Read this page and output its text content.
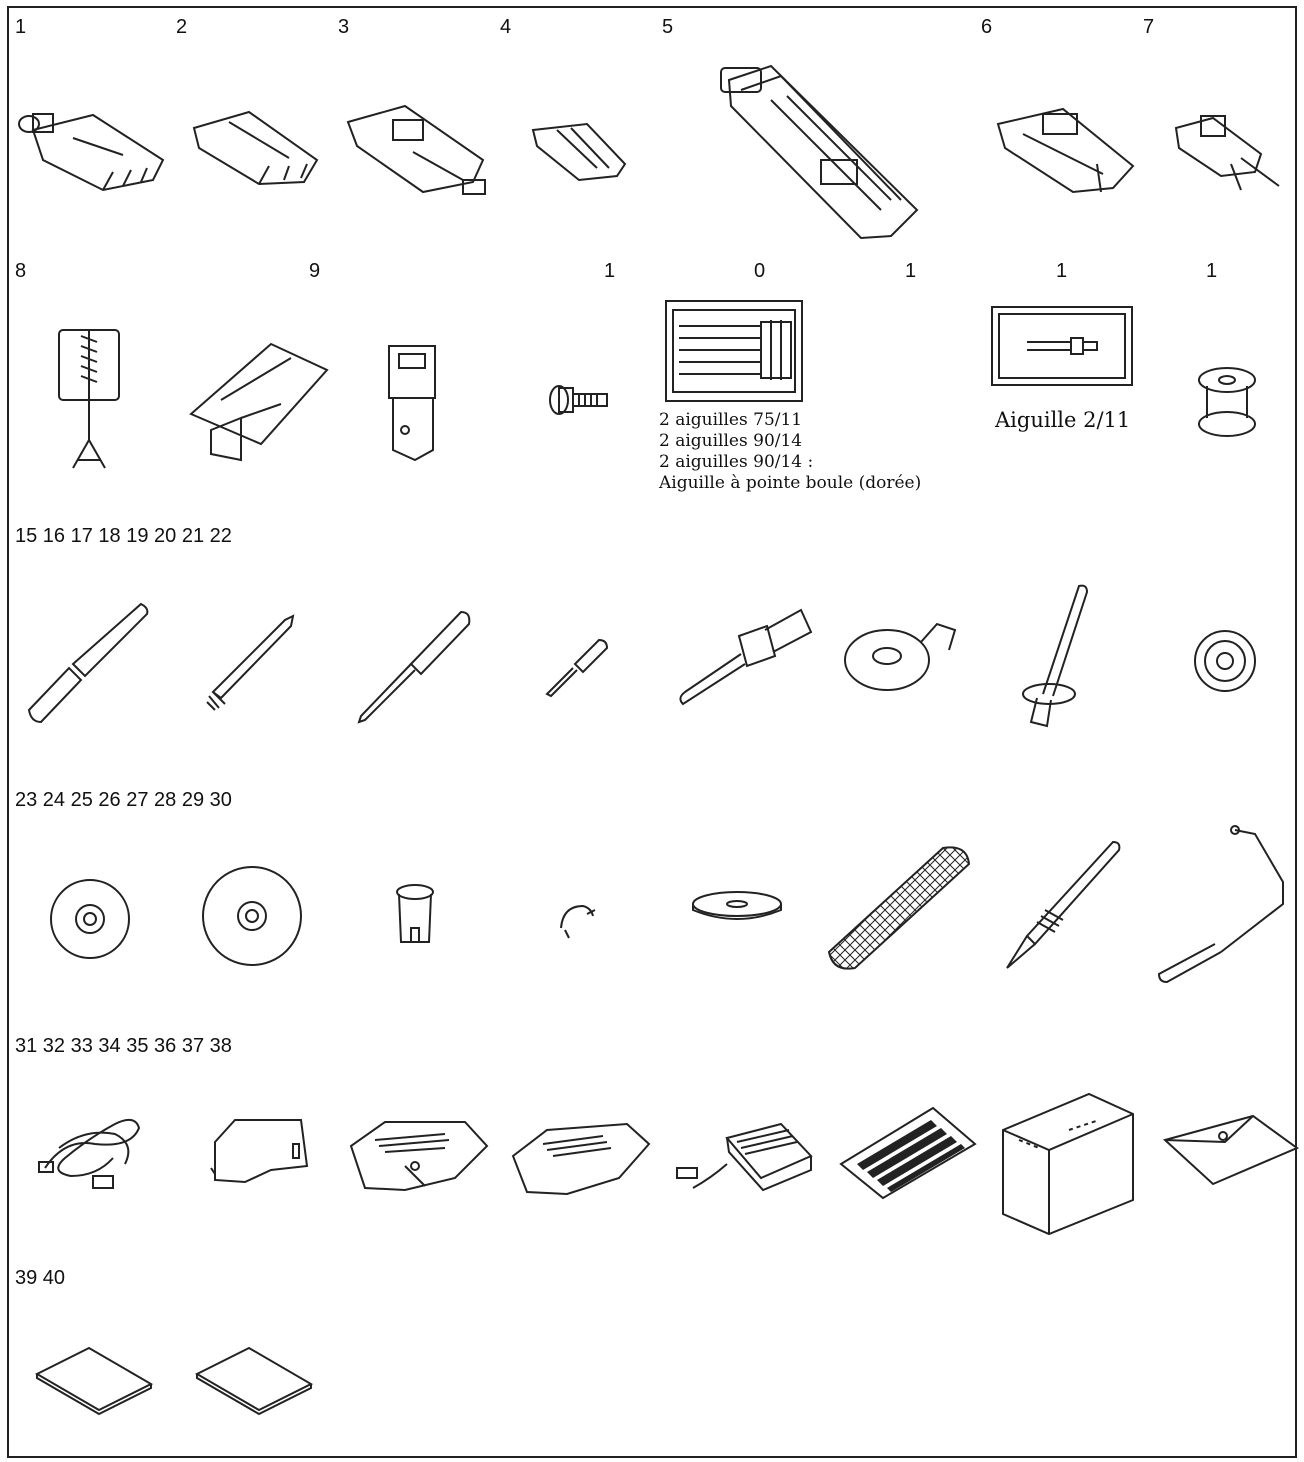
1	2	3	4	5	6	7
8	9	1	0	1	1	1
2 aiguilles 75/11
2 aiguilles 90/14
2 aiguilles 90/14 :
Aiguille à pointe boule (dorée)
Aiguille 2/11
15 16 17 18 19 20 21 22
23 24 25 26 27 28 29 30
31 32 33 34 35 36 37 38
39 40
